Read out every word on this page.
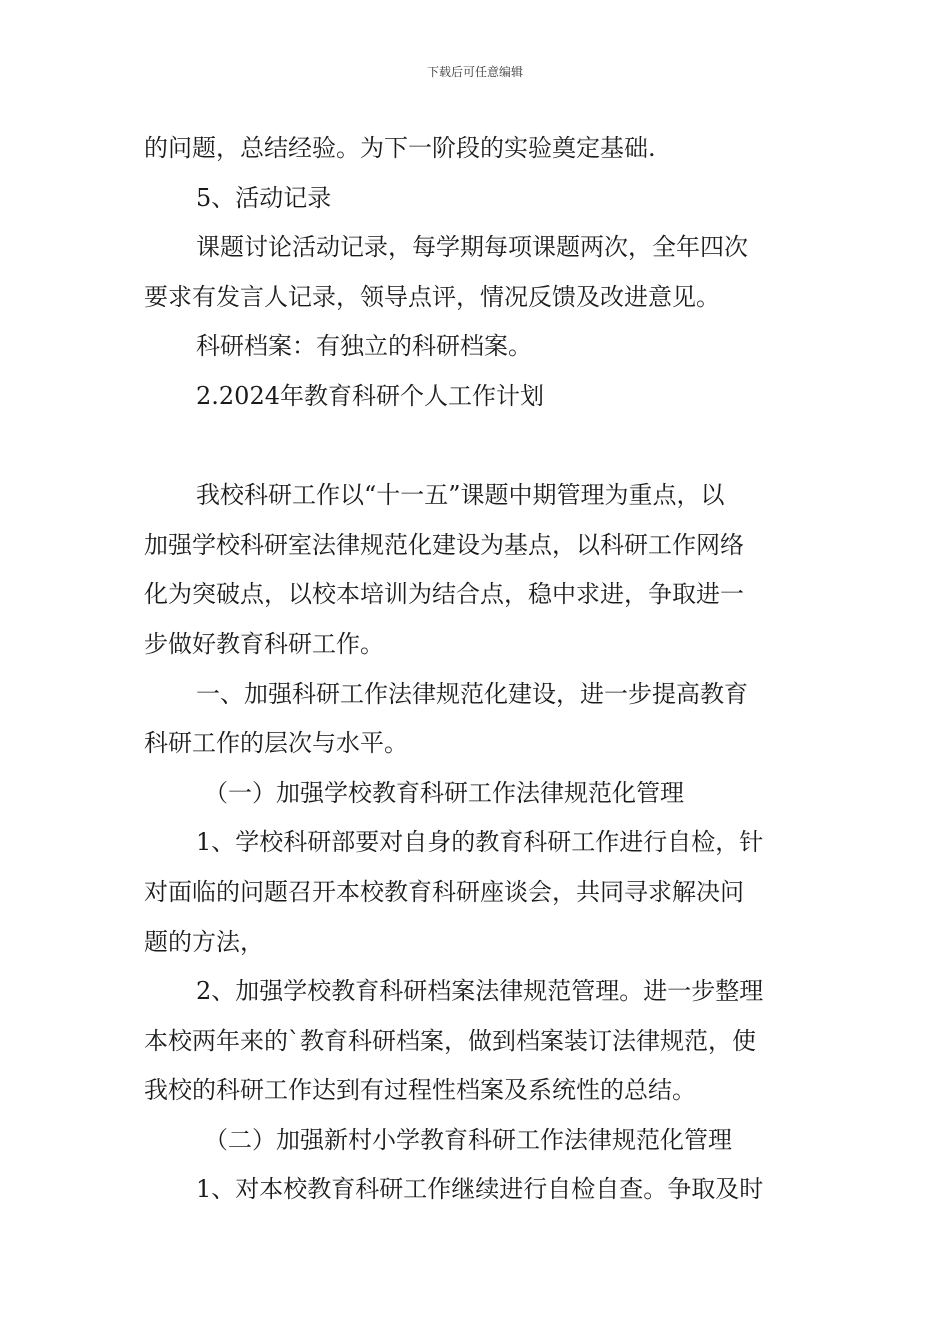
下载后可任意编辑
的问题，总结经验。为下一阶段的实验奠定基础.
5、活动记录
课题讨论活动记录，每学期每项课题两次，全年四次
要求有发言人记录，领导点评，情况反馈及改进意见。
科研档案：有独立的科研档案。
2.2024年教育科研个人工作计划
我校科研工作以“十一五”课题中期管理为重点，以
加强学校科研室法律规范化建设为基点，以科研工作网络
化为突破点，以校本培训为结合点，稳中求进，争取进一
步做好教育科研工作。
一、加强科研工作法律规范化建设，进一步提高教育
科研工作的层次与水平。
（一）加强学校教育科研工作法律规范化管理
1、学校科研部要对自身的教育科研工作进行自检，针
对面临的问题召开本校教育科研座谈会，共同寻求解决问
题的方法，
2、加强学校教育科研档案法律规范管理。进一步整理
本校两年来的`教育科研档案，做到档案装订法律规范，使
我校的科研工作达到有过程性档案及系统性的总结。
（二）加强新村小学教育科研工作法律规范化管理
1、对本校教育科研工作继续进行自检自查。争取及时
